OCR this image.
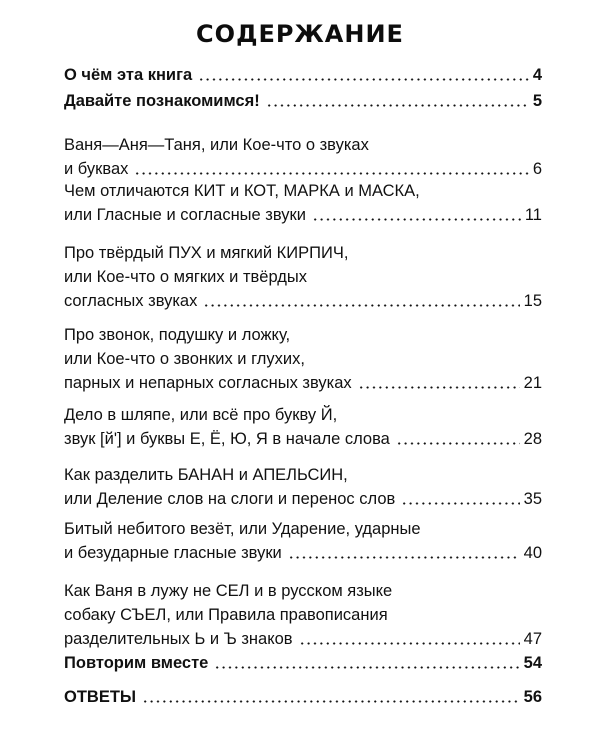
СОДЕРЖАНИЕ
О чём эта книга	4
Давайте познакомимся!	5
Ваня—Аня—Таня, или Кое-что о звуках
и буквах	6
Чем отличаются КИТ и КОТ, МАРКА и МАСКА,
или Гласные и согласные звуки	11
Про твёрдый ПУХ и мягкий КИРПИЧ,
или Кое-что о мягких и твёрдых
согласных звуках	15
Про звонок, подушку и ложку,
или Кое-что о звонких и глухих,
парных и непарных согласных звуках	21
Дело в шляпе, или всё про букву Й,
звук [й'] и буквы Е, Ё, Ю, Я в начале слова	28
Как разделить БАНАН и АПЕЛЬСИН,
или Деление слов на слоги и перенос слов	35
Битый небитого везёт, или Ударение, ударные
и безударные гласные звуки	40
Как Ваня в лужу не СЕЛ и в русском языке
собаку СЪЕЛ, или Правила правописания
разделительных Ь и Ъ знаков	47
Повторим вместе	54
ОТВЕТЫ	56
